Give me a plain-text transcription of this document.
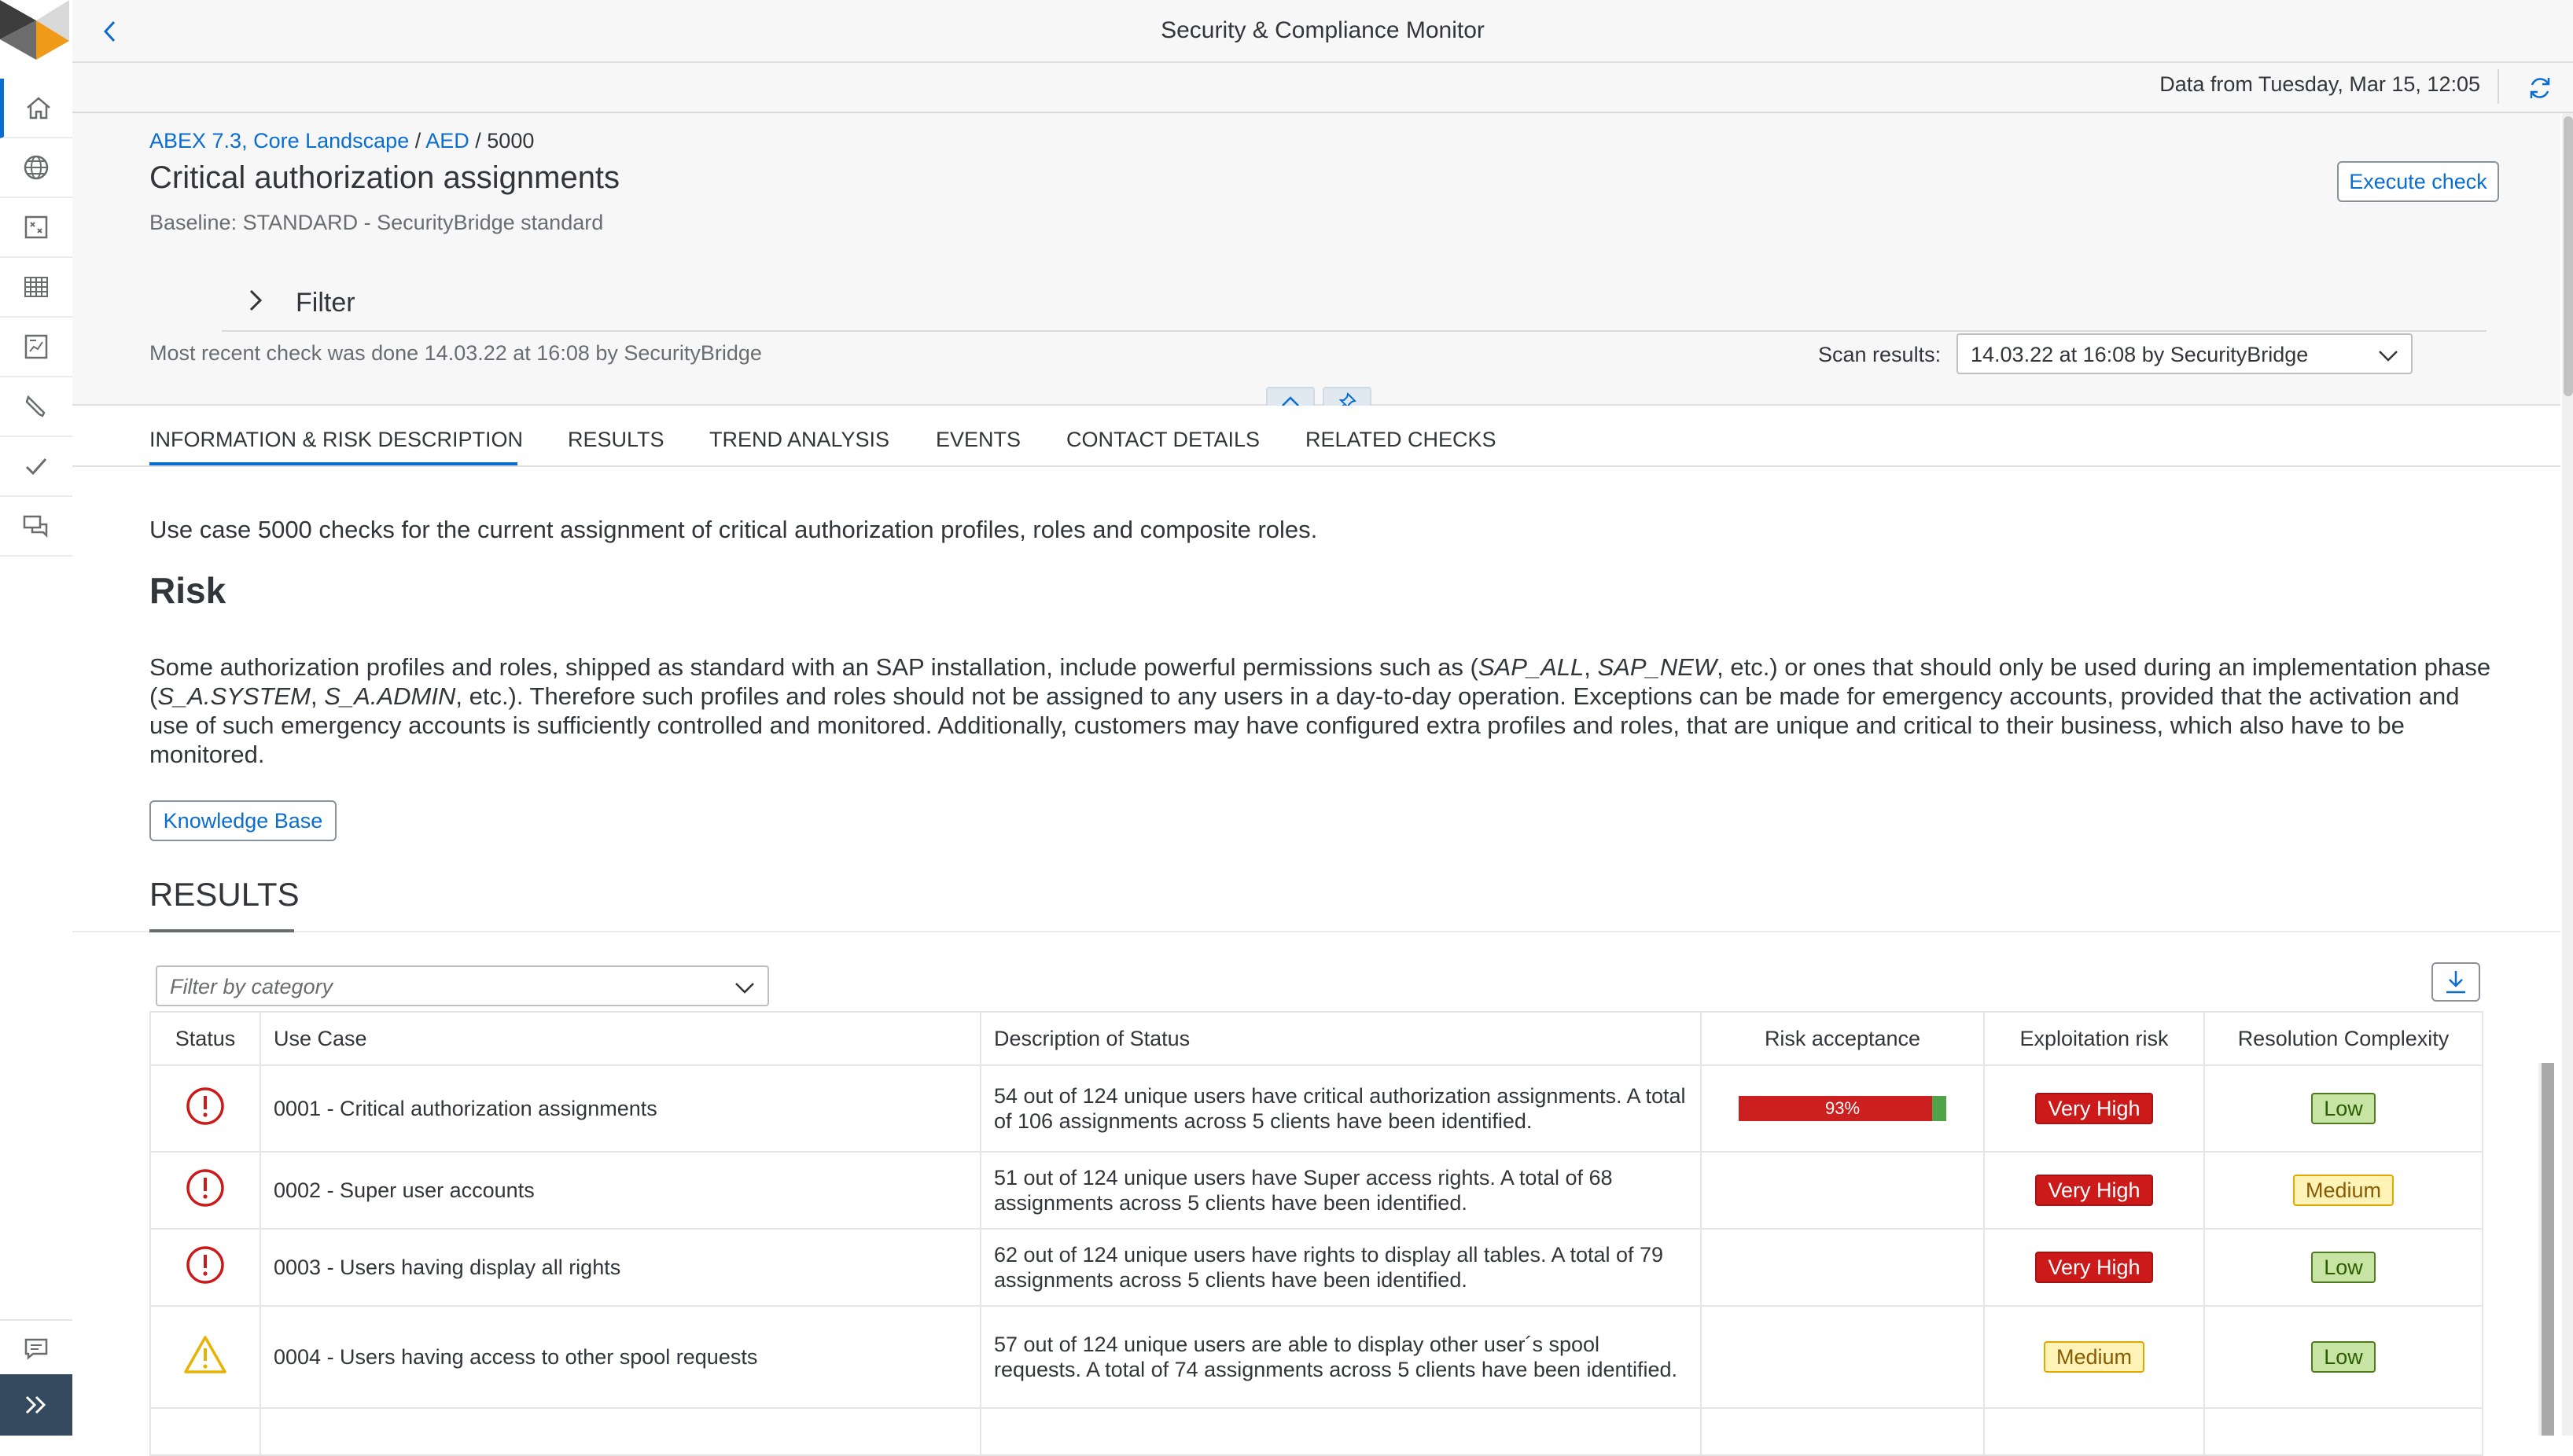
Security & Compliance Monitor
Data from Tuesday, Mar 15, 12:05
ABEX 7.3, Core Landscape / AED / 5000
Critical authorization assignments
Baseline: STANDARD - SecurityBridge standard
Execute check
Filter
Most recent check was done 14.03.22 at 16:08 by SecurityBridge	Scan results: 14.03.22 at 16:08 by SecurityBridge
INFORMATION & RISK DESCRIPTION RESULTS TREND ANALYSIS EVENTS CONTACT DETAILS RELATED CHECKS
Use case 5000 checks for the current assignment of critical authorization profiles, roles and composite roles.
Risk
Some authorization profiles and roles, shipped as standard with an SAP installation, include powerful permissions such as (SAP_ALL, SAP_NEW, etc.) or ones that should only be used during an implementation phase (S_A.SYSTEM, S_A.ADMIN, etc.). Therefore such profiles and roles should not be assigned to any users in a day-to-day operation. Exceptions can be made for emergency accounts, provided that the activation and use of such emergency accounts is sufficiently controlled and monitored. Additionally, customers may have configured extra profiles and roles, that are unique and critical to their business, which also have to be monitored.
Knowledge Base
RESULTS
Filter by category
Status	Use Case	Description of Status	Risk acceptance	Exploitation risk	Resolution Complexity
	0001 - Critical authorization assignments	54 out of 124 unique users have critical authorization assignments. A total of 106 assignments across 5 clients have been identified.	93%	Very High	Low
	0002 - Super user accounts	51 out of 124 unique users have Super access rights. A total of 68 assignments across 5 clients have been identified.		Very High	Medium
	0003 - Users having display all rights	62 out of 124 unique users have rights to display all tables. A total of 79 assignments across 5 clients have been identified.		Very High	Low
	0004 - Users having access to other spool requests	57 out of 124 unique users are able to display other user´s spool requests. A total of 74 assignments across 5 clients have been identified.		Medium	Low
